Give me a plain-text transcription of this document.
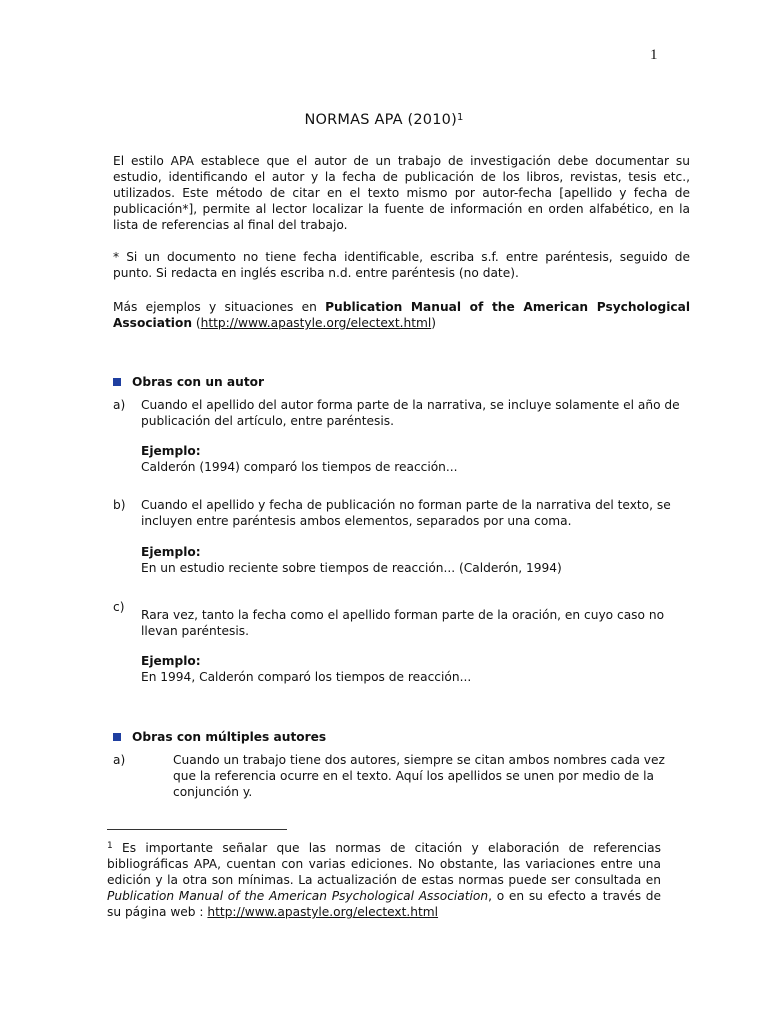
1
NORMAS APA $(2010)^1$
El estilo APA establece que el autor de un trabajo de investigación debe documentar su estudio, identificando el autor y la fecha de publicación de los libros, revistas, tesis etc., utilizados. Este método de citar en el texto mismo por autor-fecha [apellido y fecha de publicación*], permite al lector localizar la fuente de información en orden alfabético, en la lista de referencias al final del trabajo.
* Si un documento no tiene fecha identificable, escriba s.f. entre paréntesis, seguido de punto. Si redacta en inglés escriba n.d. entre paréntesis (no date).
Más ejemplos y situaciones en Publication Manual of the American Psychological Association (http://www.apastyle.org/electext.html)
Obras con un autor
a) Cuando el apellido del autor forma parte de la narrativa, se incluye solamente el año de publicación del artículo, entre paréntesis.
Ejemplo:
Calderón (1994) comparó los tiempos de reacción...
b) Cuando el apellido y fecha de publicación no forman parte de la narrativa del texto, se incluyen entre paréntesis ambos elementos, separados por una coma.
Ejemplo:
En un estudio reciente sobre tiempos de reacción... (Calderón, 1994)
c)
Rara vez, tanto la fecha como el apellido forman parte de la oración, en cuyo caso no llevan paréntesis.
Ejemplo:
En 1994, Calderón comparó los tiempos de reacción...
Obras con múltiples autores
a)	Cuando un trabajo tiene dos autores, siempre se citan ambos nombres cada vez que la referencia ocurre en el texto. Aquí los apellidos se unen por medio de la conjunción y.
$^1$ Es importante señalar que las normas de citación y elaboración de referencias bibliográficas APA, cuentan con varias ediciones. No obstante, las variaciones entre una edición y la otra son mínimas. La actualización de estas normas puede ser consultada en Publication Manual of the American Psychological Association, o en su efecto a través de su página web : http://www.apastyle.org/electext.html
